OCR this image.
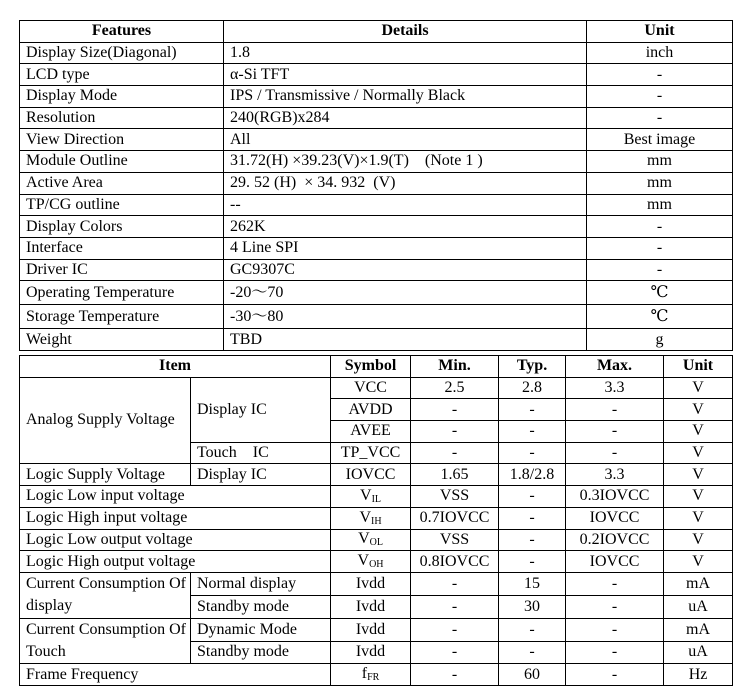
Features	Details	Unit
Display Size(Diagonal)	1.8	inch
LCD type	α-Si TFT	-
Display Mode	IPS / Transmissive / Normally Black	-
Resolution	240(RGB)x284	-
View Direction	All	Best image
Module Outline	31.72(H) ×39.23(V)×1.9(T)    (Note 1 )	mm
Active Area	29. 52 (H)  × 34. 932  (V)	mm
TP/CG outline	--	mm
Display Colors	262K	-
Interface	4 Line SPI	-
Driver IC	GC9307C	-
Operating Temperature	-20～70	℃
Storage Temperature	-30～80	℃
Weight	TBD	g
Item		Symbol	Min.	Typ.	Max.	Unit
Analog Supply Voltage	Display IC	VCC	2.5	2.8	3.3	V
		AVDD	-	-	-	V
		AVEE	-	-	-	V
	Touch    IC	TP_VCC	-	-	-	V
Logic Supply Voltage	Display IC	IOVCC	1.65	1.8/2.8	3.3	V
Logic Low input voltage		$V_{IL}$	VSS	-	0.3IOVCC	V
Logic High input voltage		$V_{IH}$	0.7IOVCC	-	IOVCC	V
Logic Low output voltage		$V_{OL}$	VSS	-	0.2IOVCC	V
Logic High output voltage		$V_{OH}$	0.8IOVCC	-	IOVCC	V
Current Consumption Of display	Normal display	Ivdd	-	15	-	mA
	Standby mode	Ivdd	-	30	-	uA
Current Consumption Of Touch	Dynamic Mode	Ivdd	-	-	-	mA
	Standby mode	Ivdd	-	-	-	uA
Frame Frequency		$f_{FR}$	-	60	-	Hz
